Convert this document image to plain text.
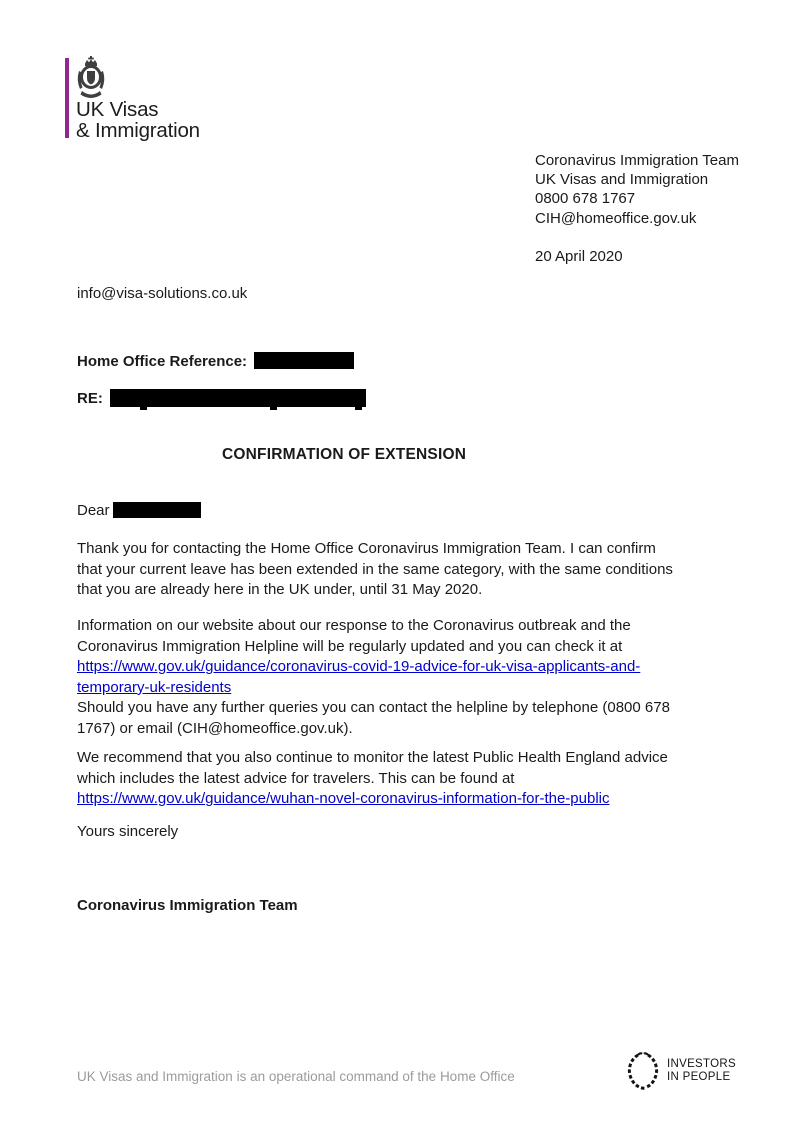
UK Visas
& Immigration
Coronavirus Immigration Team
UK Visas and Immigration
0800 678 1767
CIH@homeoffice.gov.uk
20 April 2020
info@visa-solutions.co.uk
Home Office Reference:
RE:
CONFIRMATION OF EXTENSION
Dear
Thank you for contacting the Home Office Coronavirus Immigration Team. I can confirm
that your current leave has been extended in the same category, with the same conditions
that you are already here in the UK under, until 31 May 2020.
Information on our website about our response to the Coronavirus outbreak and the
Coronavirus Immigration Helpline will be regularly updated and you can check it at
https://www.gov.uk/guidance/coronavirus-covid-19-advice-for-uk-visa-applicants-and-
temporary-uk-residents
Should you have any further queries you can contact the helpline by telephone (0800 678
1767) or email (CIH@homeoffice.gov.uk).
We recommend that you also continue to monitor the latest Public Health England advice
which includes the latest advice for travelers. This can be found at
https://www.gov.uk/guidance/wuhan-novel-coronavirus-information-for-the-public
Yours sincerely
Coronavirus Immigration Team
UK Visas and Immigration is an operational command of the Home Office
INVESTORS
IN PEOPLE
